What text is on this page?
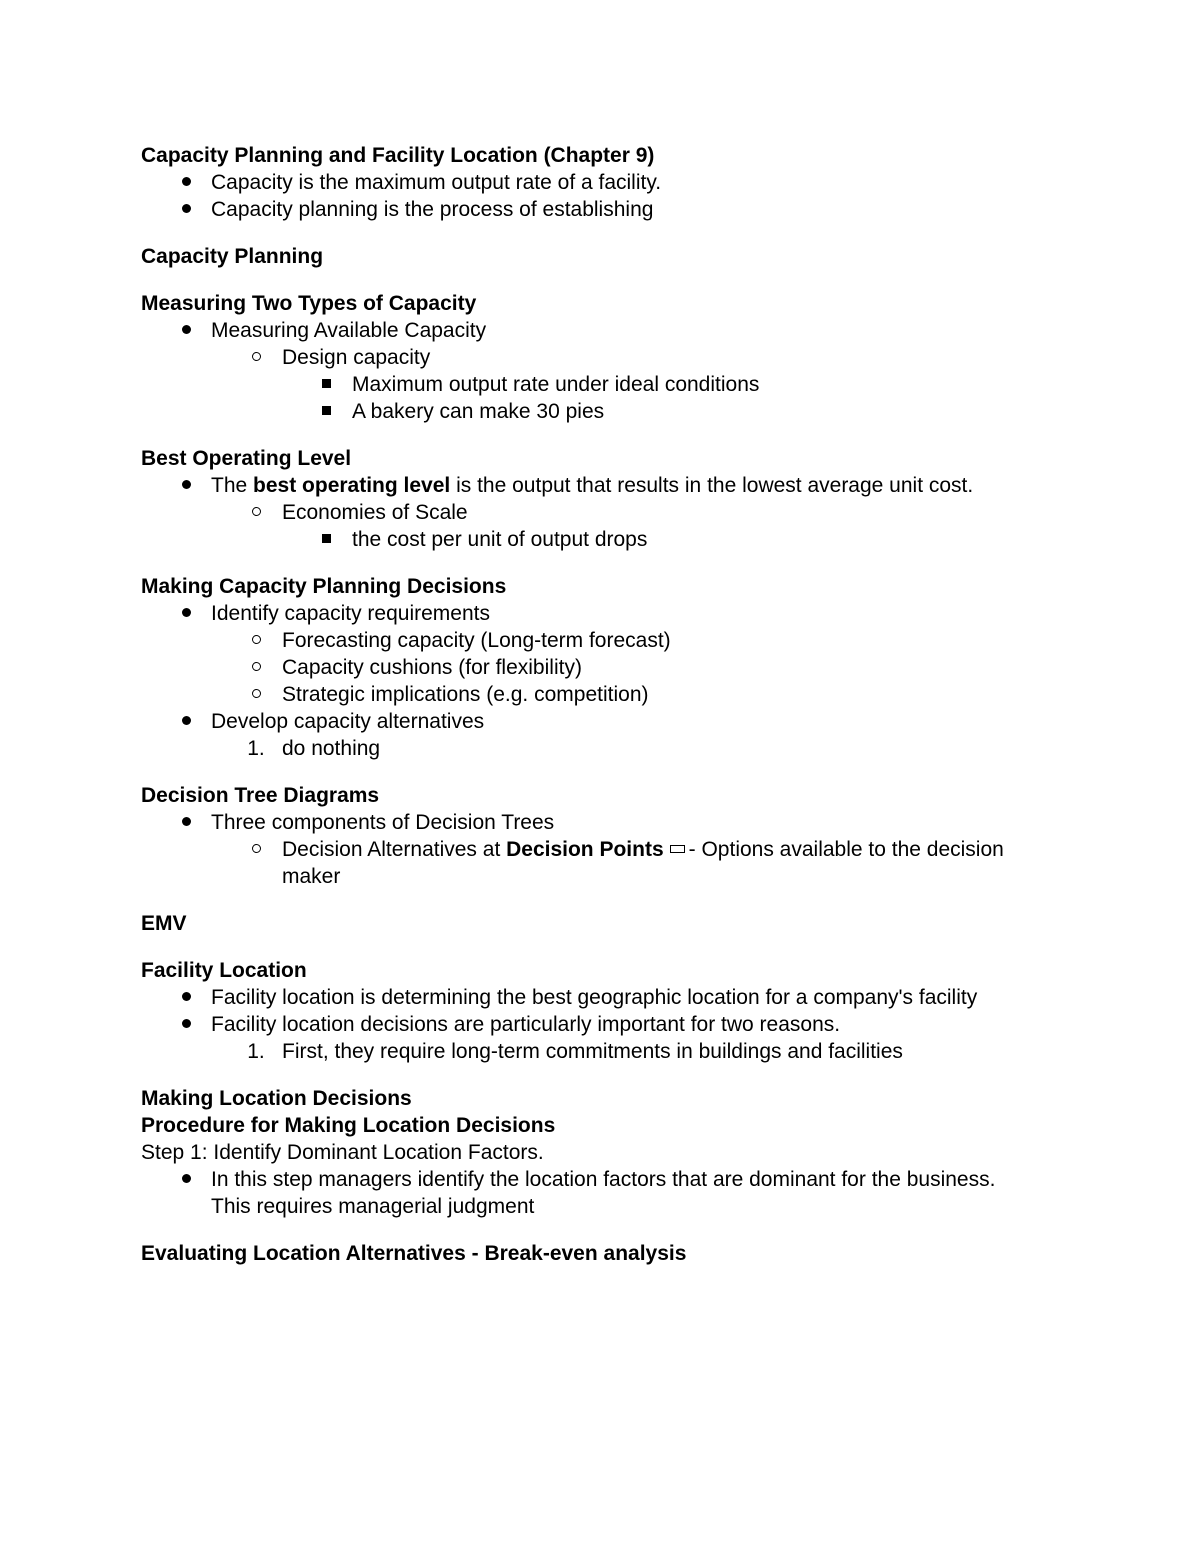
Capacity Planning and Facility Location (Chapter 9)
Capacity is the maximum output rate of a facility.
Capacity planning is the process of establishing
Capacity Planning
Measuring Two Types of Capacity
Measuring Available Capacity
Design capacity
Maximum output rate under ideal conditions
A bakery can make 30 pies
Best Operating Level
The best operating level is the output that results in the lowest average unit cost.
Economies of Scale
the cost per unit of output drops
Making Capacity Planning Decisions
Identify capacity requirements
Forecasting capacity (Long-term forecast)
Capacity cushions (for flexibility)
Strategic implications (e.g. competition)
Develop capacity alternatives
1. do nothing
Decision Tree Diagrams
Three components of Decision Trees
Decision Alternatives at Decision Points - Options available to the decision maker
EMV
Facility Location
Facility location is determining the best geographic location for a company's facility
Facility location decisions are particularly important for two reasons.
1. First, they require long-term commitments in buildings and facilities
Making Location Decisions
Procedure for Making Location Decisions
Step 1: Identify Dominant Location Factors.
In this step managers identify the location factors that are dominant for the business. This requires managerial judgment
Evaluating Location Alternatives - Break-even analysis
